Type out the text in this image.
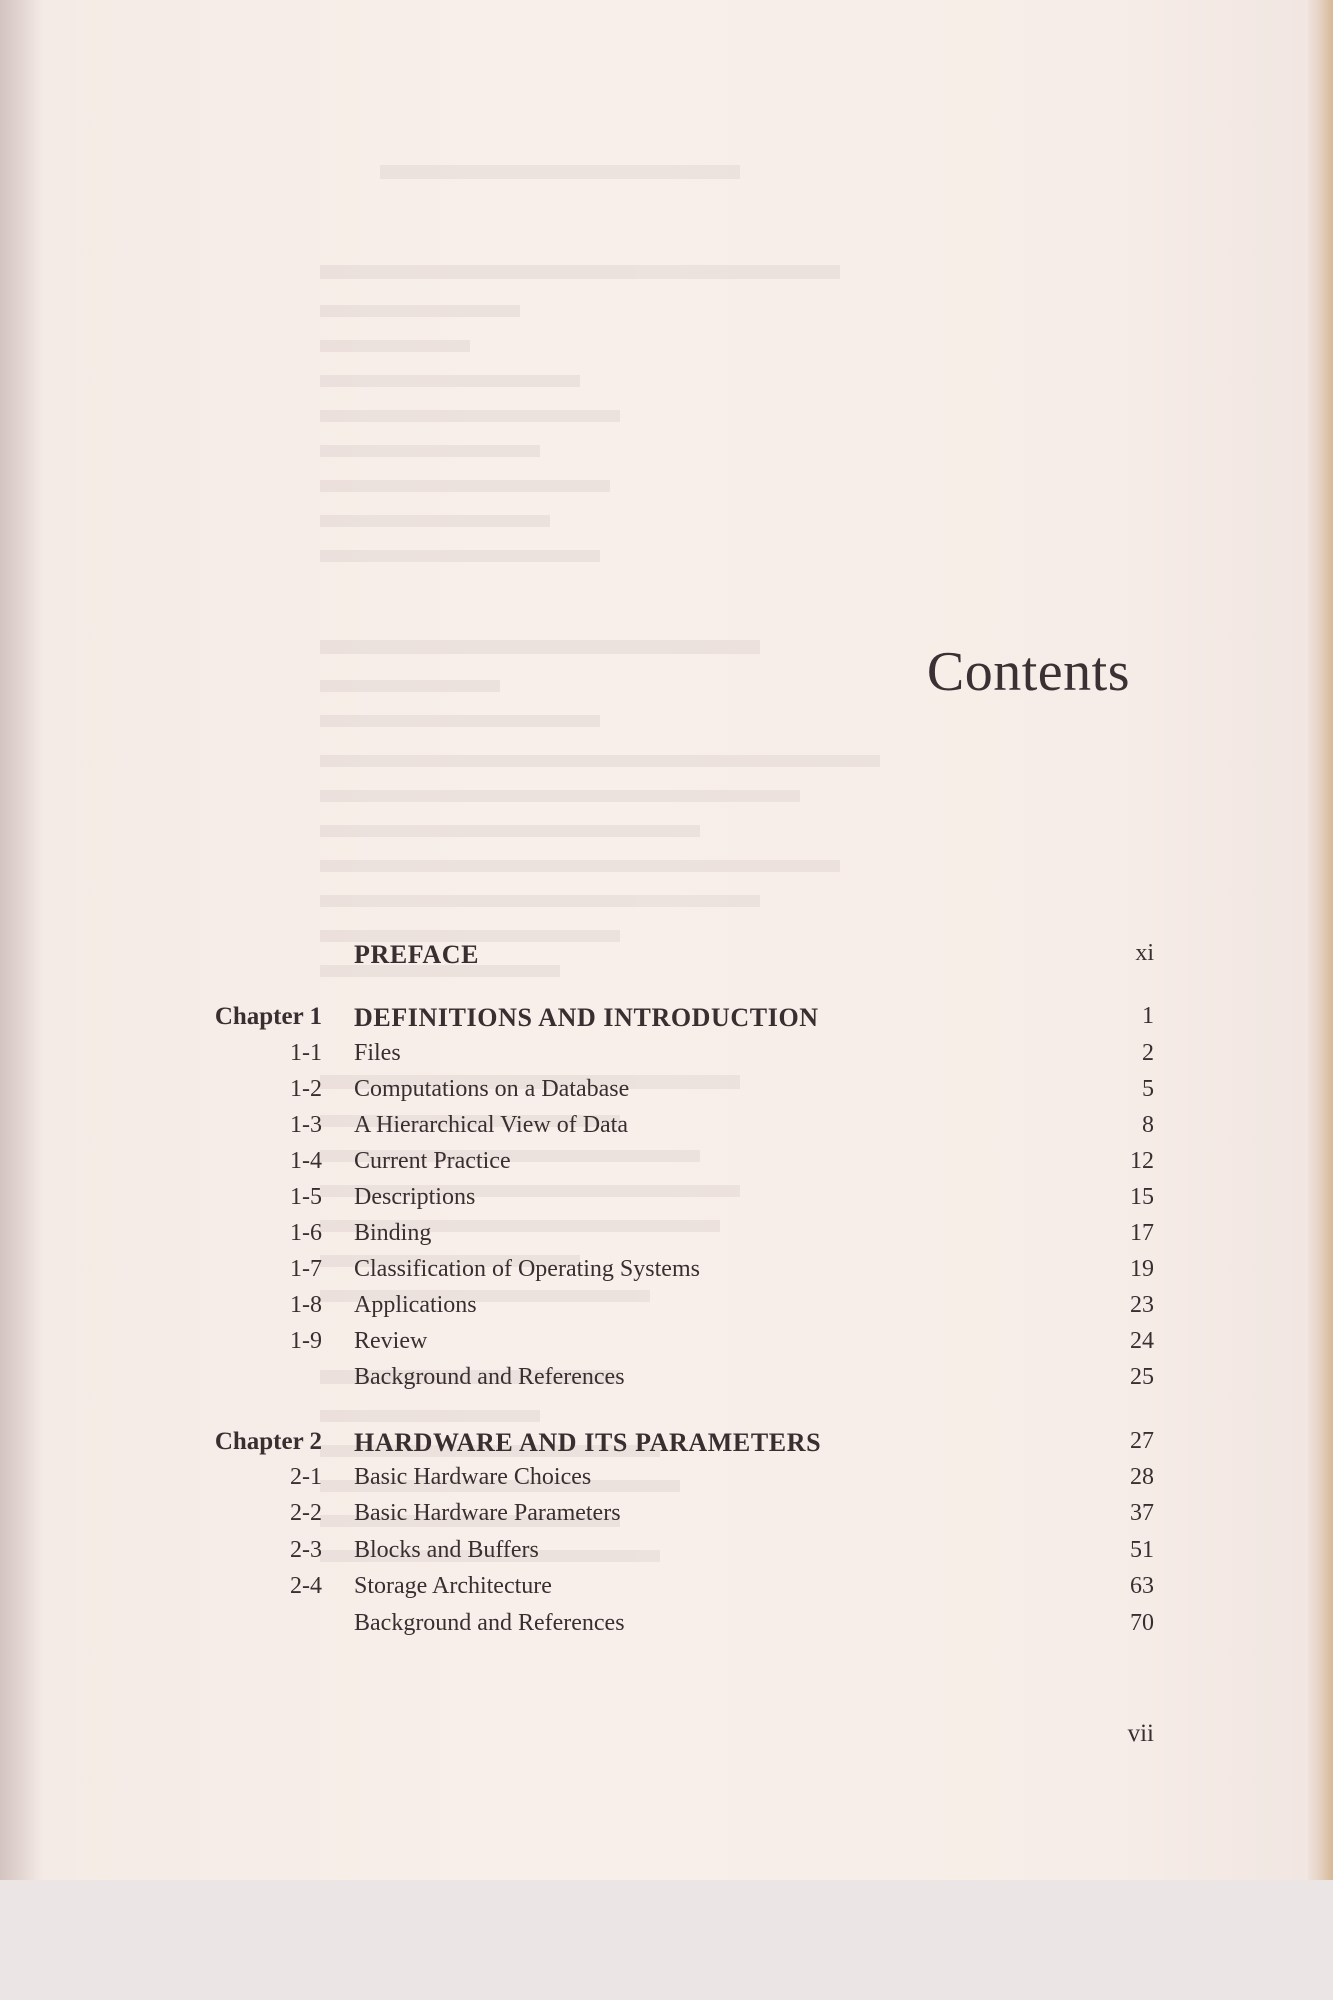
Contents
PREFACE	xi
Chapter 1 DEFINITIONS AND INTRODUCTION	1
1-1 Files	2
1-2 Computations on a Database	5
1-3 A Hierarchical View of Data	8
1-4 Current Practice	12
1-5 Descriptions	15
1-6 Binding	17
1-7 Classification of Operating Systems	19
1-8 Applications	23
1-9 Review	24
Background and References	25
Chapter 2 HARDWARE AND ITS PARAMETERS	27
2-1 Basic Hardware Choices	28
2-2 Basic Hardware Parameters	37
2-3 Blocks and Buffers	51
2-4 Storage Architecture	63
Background and References	70
vii
